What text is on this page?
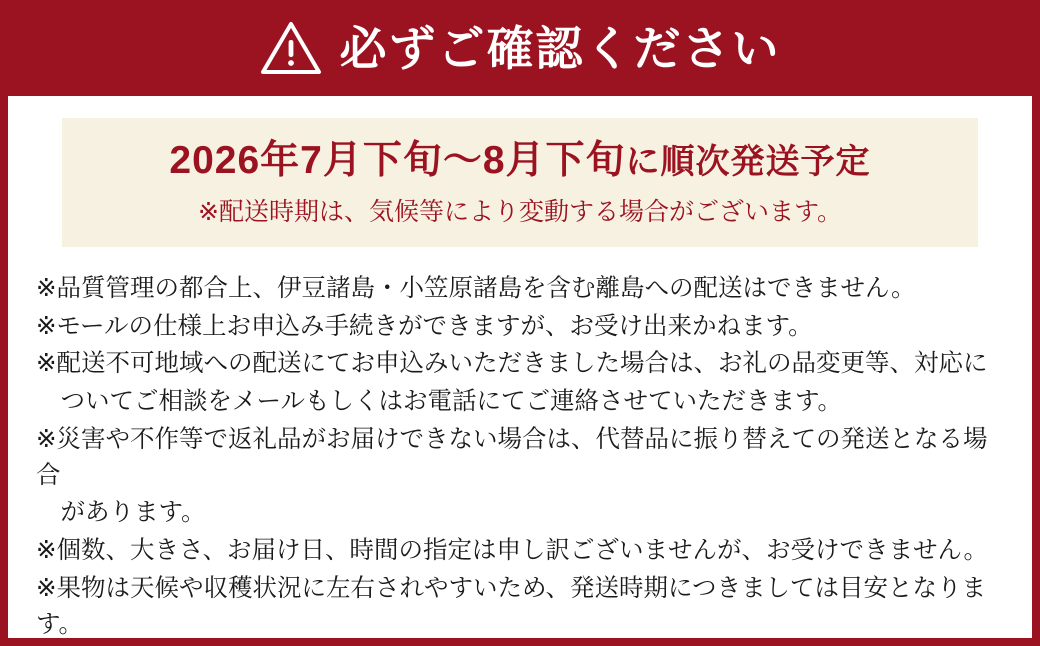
必ずご確認ください
2026年7月下旬〜8月下旬に順次発送予定
※配送時期は、気候等により変動する場合がございます。
※品質管理の都合上、伊豆諸島・小笠原諸島を含む離島への配送はできません。
※モールの仕様上お申込み手続きができますが、お受け出来かねます。
※配送不可地域への配送にてお申込みいただきました場合は、お礼の品変更等、対応に
　ついてご相談をメールもしくはお電話にてご連絡させていただきます。
※災害や不作等で返礼品がお届けできない場合は、代替品に振り替えての発送となる場合
　があります。
※個数、大きさ、お届け日、時間の指定は申し訳ございませんが、お受けできません。
※果物は天候や収穫状況に左右されやすいため、発送時期につきましては目安となります。
